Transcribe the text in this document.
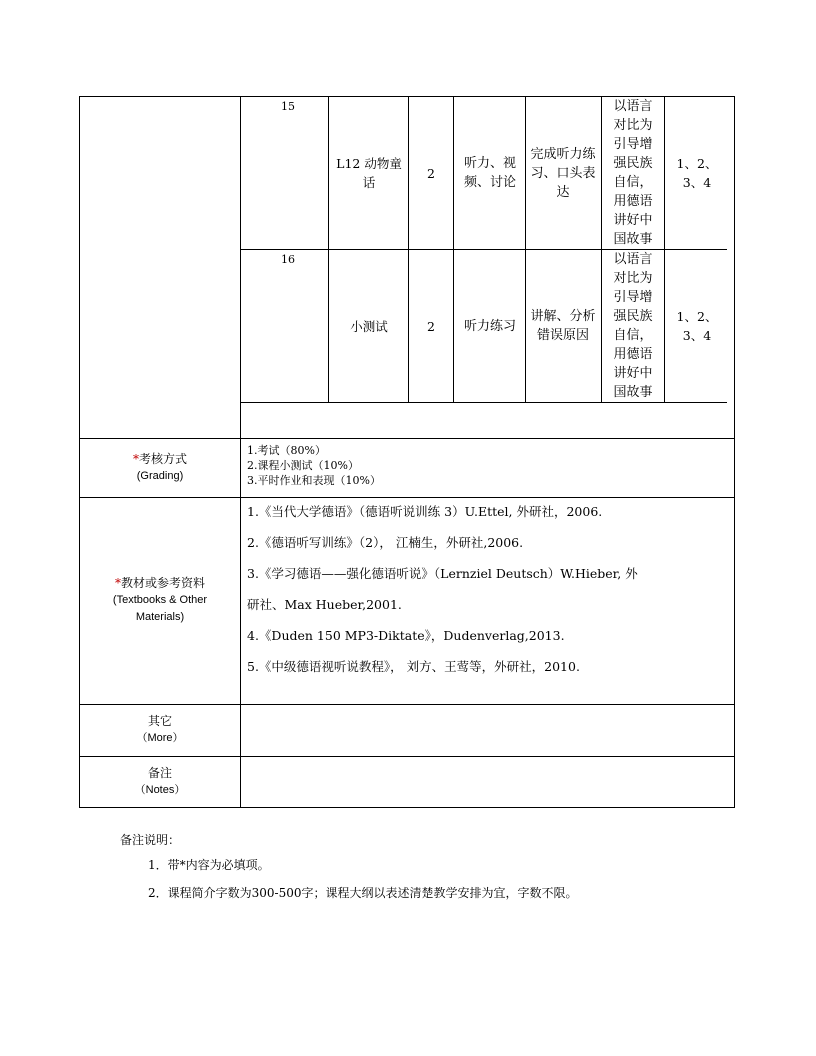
15
L12 动物童话
2
听力、视频、讨论
完成听力练习、口头表达
以语言对比为引导增强民族自信，用德语讲好中国故事
1、2、3、4
16
小测试	2	听力练习
讲解、分析错误原因
以语言对比为引导增强民族自信，用德语讲好中国故事
1、2、3、4
*考核方式
(Grading)
1.考试（80%）
2.课程小测试（10%）
3.平时作业和表现（10%）
*教材或参考资料
(Textbooks & Other
Materials)
1.《当代大学德语》（德语听说训练 3）U.Ettel, 外研社，2006.
2.《德语听写训练》（2）， 江楠生，外研社,2006.
3.《学习德语——强化德语听说》（Lernziel Deutsch）W.Hieber, 外
研社、Max Hueber,2001.
4.《Duden 150 MP3-Diktate》，Dudenverlag,2013.
5.《中级德语视听说教程》， 刘方、王莺等，外研社，2010.
其它
（More）
备注
（Notes）
备注说明：
1．带*内容为必填项。
2．课程简介字数为300-500字；课程大纲以表述清楚教学安排为宜，字数不限。
